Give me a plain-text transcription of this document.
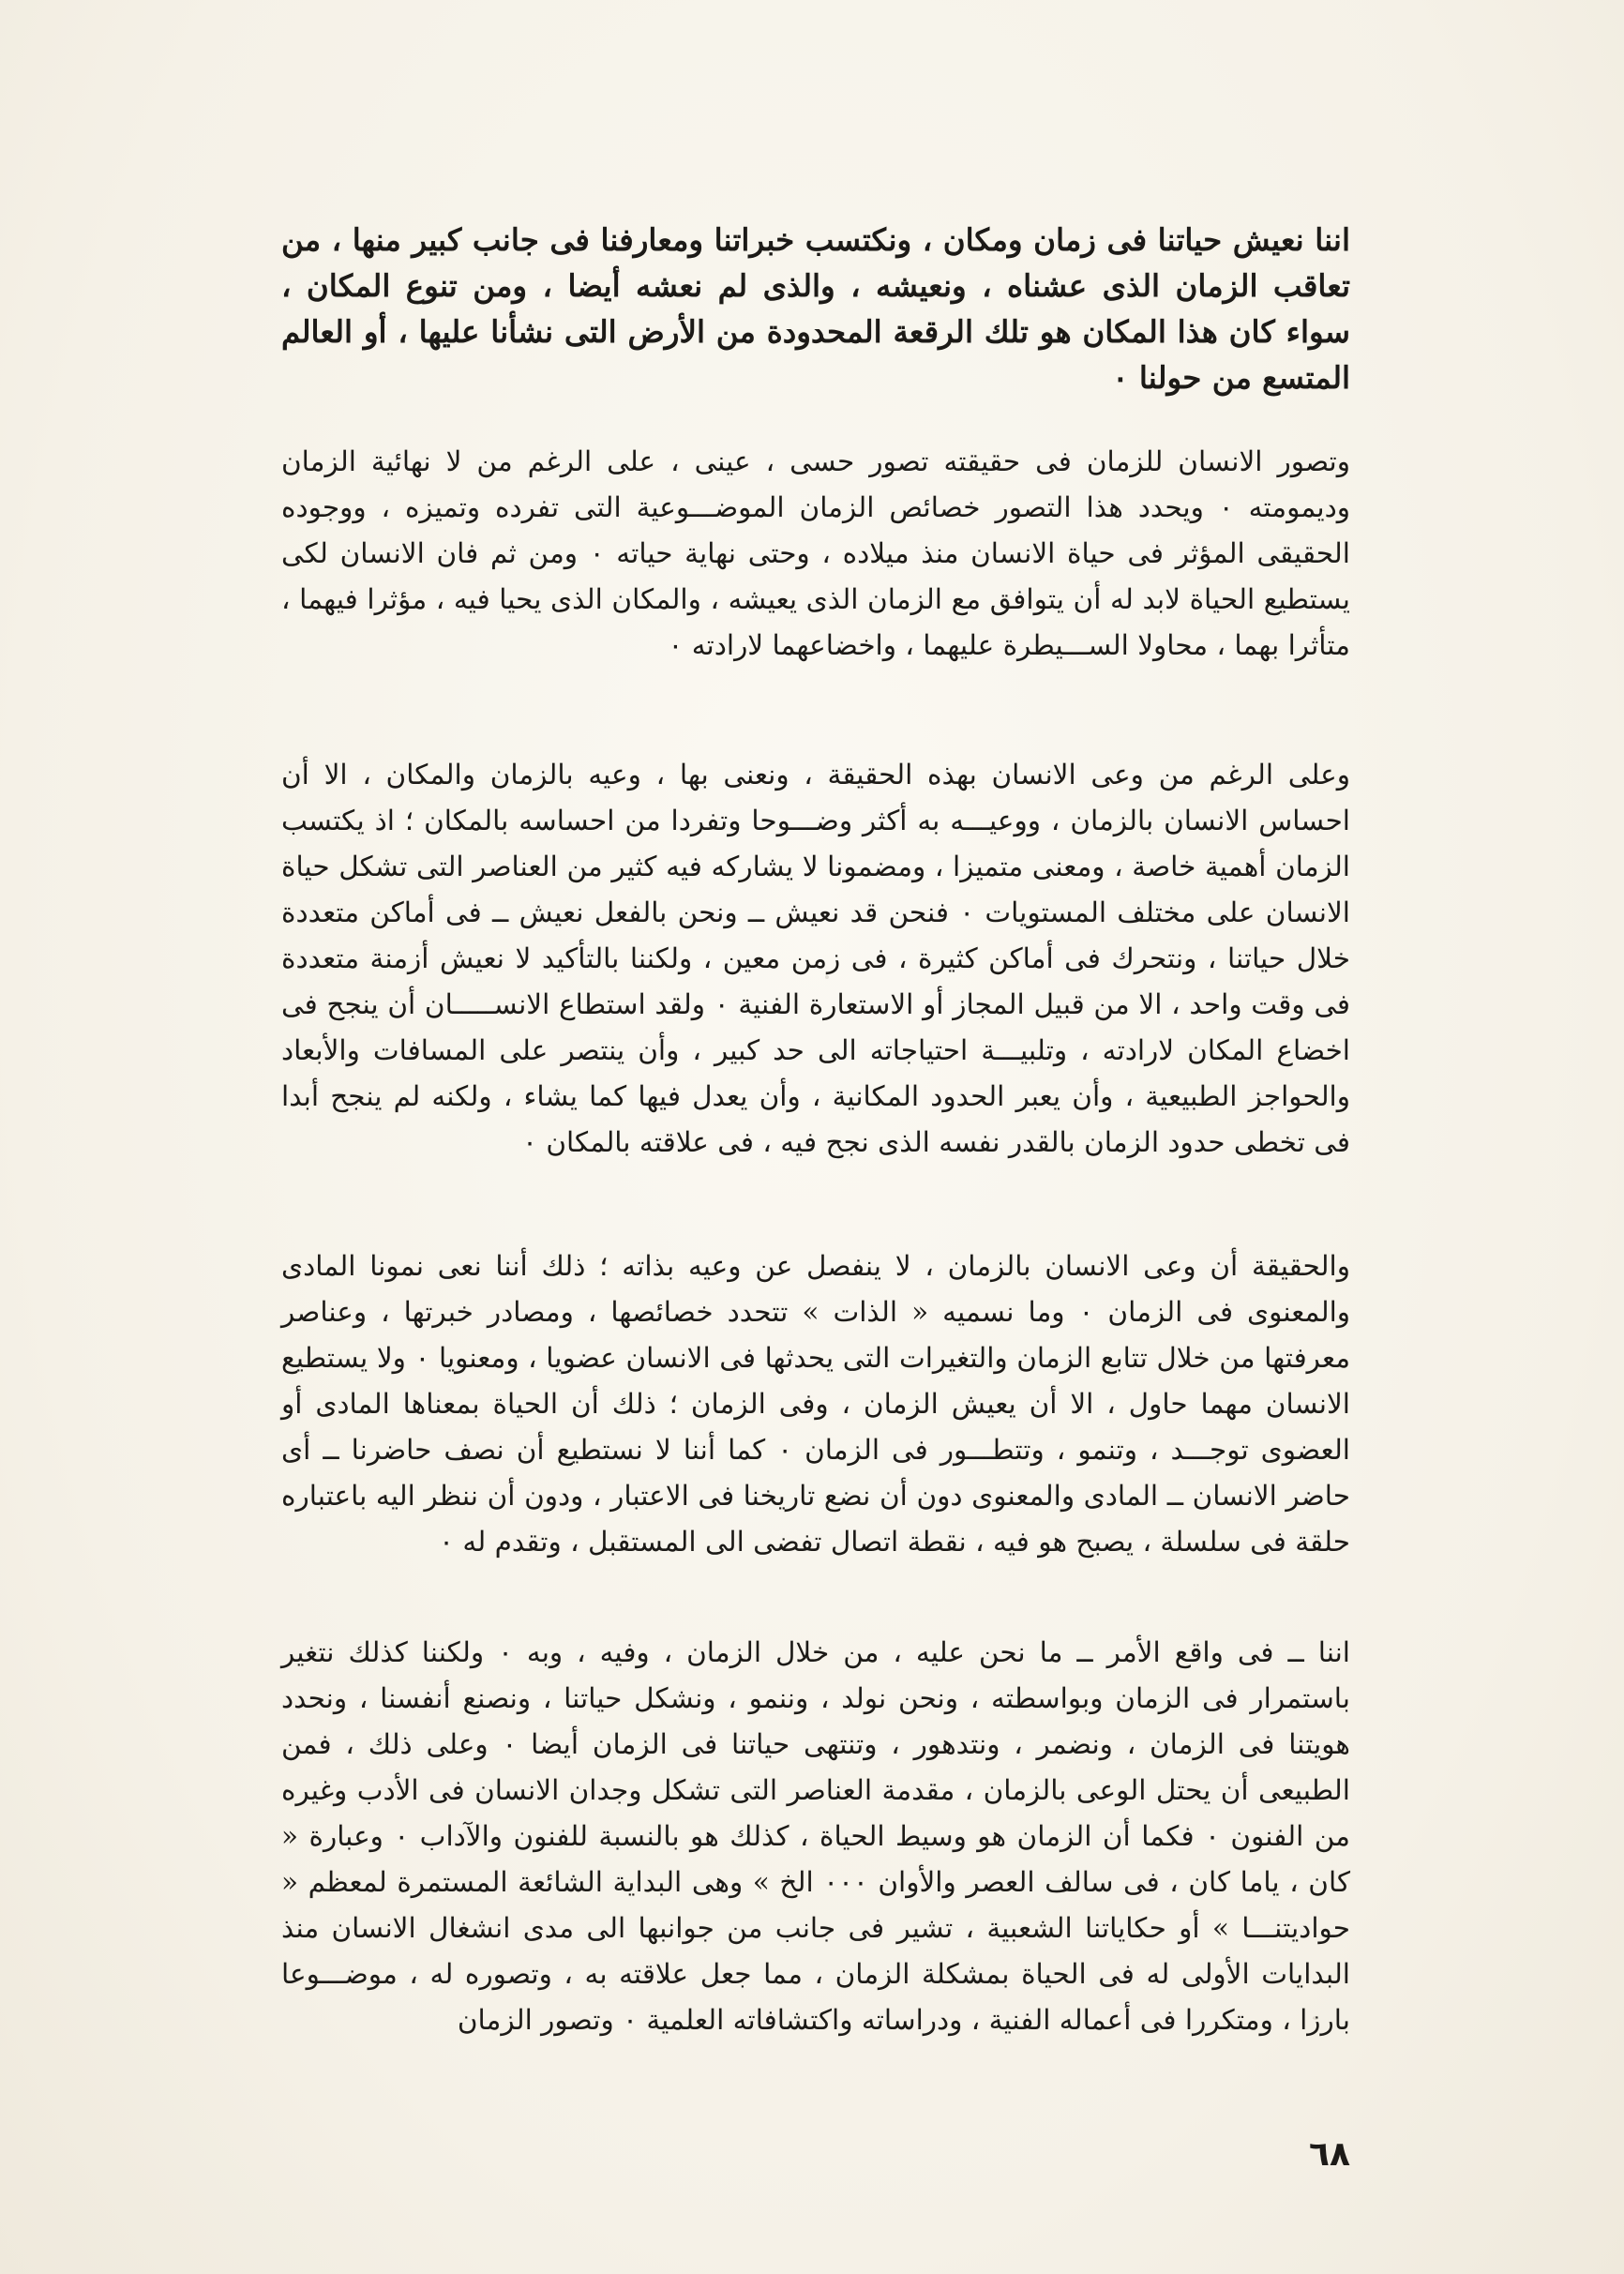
اننا نعيش حياتنا فى زمان ومكان ، ونكتسب خبراتنا ومعارفنا فى جانب كبير منها ، من تعاقب الزمان الذى عشناه ، ونعيشه ، والذى لم نعشه أيضا ، ومن تنوع المكان ، سواء كان هذا المكان هو تلك الرقعة المحدودة من الأرض التى نشأنا عليها ، أو العالم المتسع من حولنا ٠

وتصور الانسان للزمان فى حقيقته تصور حسى ، عينى ، على الرغم من لا نهائية الزمان وديمومته ٠ ويحدد هذا التصور خصائص الزمان الموضـــوعية التى تفرده وتميزه ، ووجوده الحقيقى المؤثر فى حياة الانسان منذ ميلاده ، وحتى نهاية حياته ٠ ومن ثم فان الانسان لكى يستطيع الحياة لابد له أن يتوافق مع الزمان الذى يعيشه ، والمكان الذى يحيا فيه ، مؤثرا فيهما ، متأثرا بهما ، محاولا الســـيطرة عليهما ، واخضاعهما لارادته ٠

وعلى الرغم من وعى الانسان بهذه الحقيقة ، ونعنى بها ، وعيه بالزمان والمكان ، الا أن احساس الانسان بالزمان ، ووعيـــه به أكثر وضـــوحا وتفردا من احساسه بالمكان ؛ اذ يكتسب الزمان أهمية خاصة ، ومعنى متميزا ، ومضمونا لا يشاركه فيه كثير من العناصر التى تشكل حياة الانسان على مختلف المستويات ٠ فنحن قد نعيش ــ ونحن بالفعل نعيش ــ فى أماكن متعددة خلال حياتنا ، ونتحرك فى أماكن كثيرة ، فى زمن معين ، ولكننا بالتأكيد لا نعيش أزمنة متعددة فى وقت واحد ، الا من قبيل المجاز أو الاستعارة الفنية ٠ ولقد استطاع الانســـــان أن ينجح فى اخضاع المكان لارادته ، وتلبيـــة احتياجاته الى حد كبير ، وأن ينتصر على المسافات والأبعاد والحواجز الطبيعية ، وأن يعبر الحدود المكانية ، وأن يعدل فيها كما يشاء ، ولكنه لم ينجح أبدا فى تخطى حدود الزمان بالقدر نفسه الذى نجح فيه ، فى علاقته بالمكان ٠

والحقيقة أن وعى الانسان بالزمان ، لا ينفصل عن وعيه بذاته ؛ ذلك أننا نعى نمونا المادى والمعنوى فى الزمان ٠ وما نسميه « الذات » تتحدد خصائصها ، ومصادر خبرتها ، وعناصر معرفتها من خلال تتابع الزمان والتغيرات التى يحدثها فى الانسان عضويا ، ومعنويا ٠ ولا يستطيع الانسان مهما حاول ، الا أن يعيش الزمان ، وفى الزمان ؛ ذلك أن الحياة بمعناها المادى أو العضوى توجـــد ، وتنمو ، وتتطـــور فى الزمان ٠ كما أننا لا نستطيع أن نصف حاضرنا ــ أى حاضر الانسان ــ المادى والمعنوى دون أن نضع تاريخنا فى الاعتبار ، ودون أن ننظر اليه باعتباره حلقة فى سلسلة ، يصبح هو فيه ، نقطة اتصال تفضى الى المستقبل ، وتقدم له ٠

اننا ــ فى واقع الأمر ــ ما نحن عليه ، من خلال الزمان ، وفيه ، وبه ٠ ولكننا كذلك نتغير باستمرار فى الزمان وبواسطته ، ونحن نولد ، وننمو ، ونشكل حياتنا ، ونصنع أنفسنا ، ونحدد هويتنا فى الزمان ، ونضمر ، ونتدهور ، وتنتهى حياتنا فى الزمان أيضا ٠ وعلى ذلك ، فمن الطبيعى أن يحتل الوعى بالزمان ، مقدمة العناصر التى تشكل وجدان الانسان فى الأدب وغيره من الفنون ٠ فكما أن الزمان هو وسيط الحياة ، كذلك هو بالنسبة للفنون والآداب ٠ وعبارة « كان ، ياما كان ، فى سالف العصر والأوان ٠٠٠ الخ » وهى البداية الشائعة المستمرة لمعظم « حواديتنـــا » أو حكاياتنا الشعبية ، تشير فى جانب من جوانبها الى مدى انشغال الانسان منذ البدايات الأولى له فى الحياة بمشكلة الزمان ، مما جعل علاقته به ، وتصوره له ، موضـــوعا بارزا ، ومتكررا فى أعماله الفنية ، ودراساته واكتشافاته العلمية ٠ وتصور الزمان

٦٨
